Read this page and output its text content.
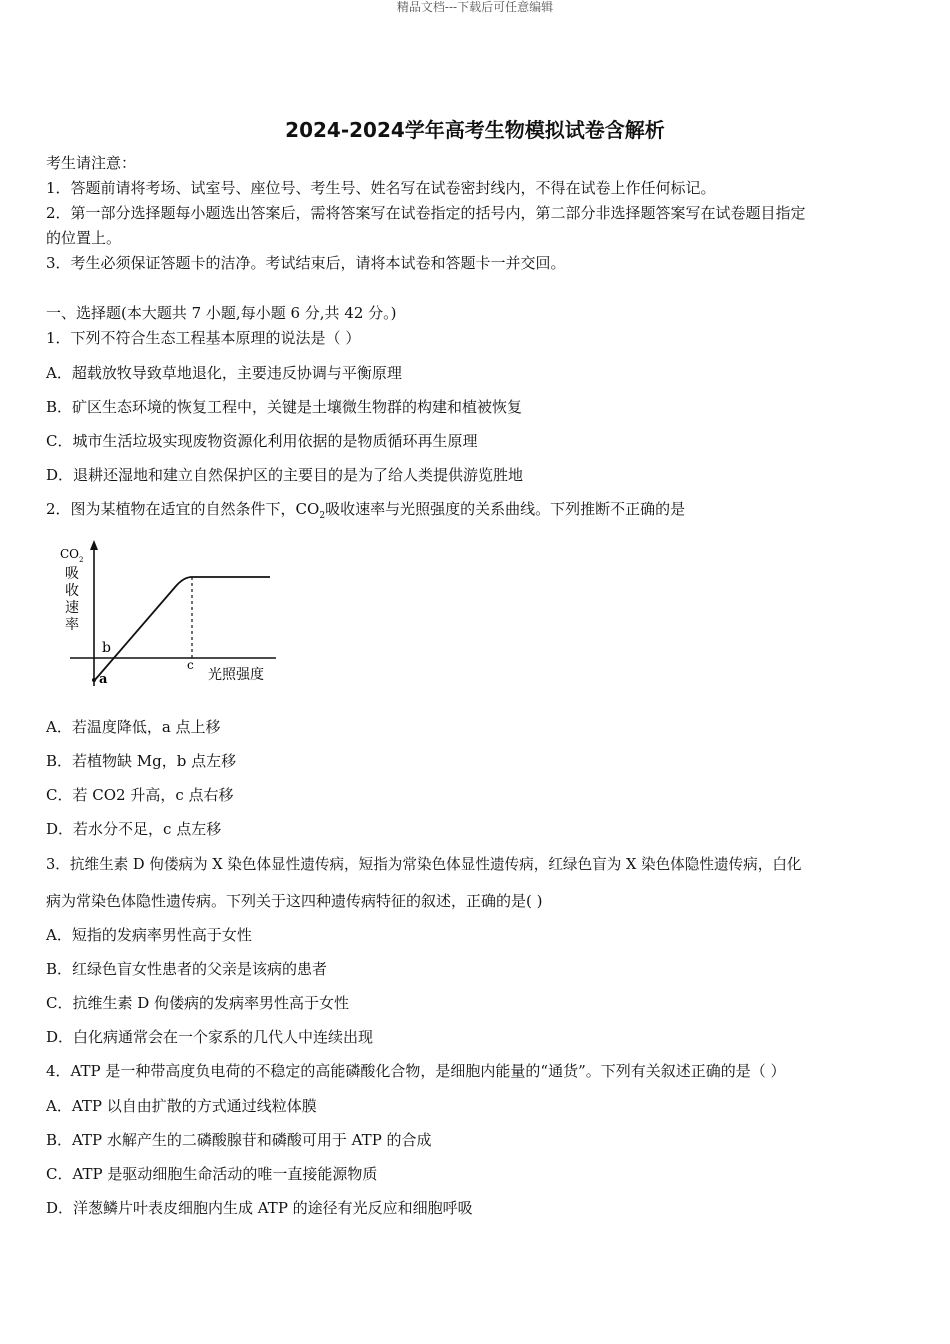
精品文档---下载后可任意编辑
2024-2024学年高考生物模拟试卷含解析
考生请注意：
1．答题前请将考场、试室号、座位号、考生号、姓名写在试卷密封线内，不得在试卷上作任何标记。
2．第一部分选择题每小题选出答案后，需将答案写在试卷指定的括号内，第二部分非选择题答案写在试卷题目指定
的位置上。
3．考生必须保证答题卡的洁净。考试结束后，请将本试卷和答题卡一并交回。
一、选择题(本大题共 7 小题,每小题 6 分,共 42 分。)
1．下列不符合生态工程基本原理的说法是（ ）
A．超载放牧导致草地退化，主要违反协调与平衡原理
B．矿区生态环境的恢复工程中，关键是土壤微生物群的构建和植被恢复
C．城市生活垃圾实现废物资源化利用依据的是物质循环再生原理
D．退耕还湿地和建立自然保护区的主要目的是为了给人类提供游览胜地
2．图为某植物在适宜的自然条件下，$CO_2$吸收速率与光照强度的关系曲线。下列推断不正确的是
CO 2
吸
收
速
率
a
b
c
光照强度
A．若温度降低，a 点上移
B．若植物缺 Mg，b 点左移
C．若 CO2 升高，c 点右移
D．若水分不足，c 点左移
3．抗维生素 D 佝偻病为 X 染色体显性遗传病，短指为常染色体显性遗传病，红绿色盲为 X 染色体隐性遗传病，白化
病为常染色体隐性遗传病。下列关于这四种遗传病特征的叙述，正确的是( )
A．短指的发病率男性高于女性
B．红绿色盲女性患者的父亲是该病的患者
C．抗维生素 D 佝偻病的发病率男性高于女性
D．白化病通常会在一个家系的几代人中连续出现
4．ATP 是一种带高度负电荷的不稳定的高能磷酸化合物，是细胞内能量的“通货”。下列有关叙述正确的是（ ）
A．ATP 以自由扩散的方式通过线粒体膜
B．ATP 水解产生的二磷酸腺苷和磷酸可用于 ATP 的合成
C．ATP 是驱动细胞生命活动的唯一直接能源物质
D．洋葱鳞片叶表皮细胞内生成 ATP 的途径有光反应和细胞呼吸
